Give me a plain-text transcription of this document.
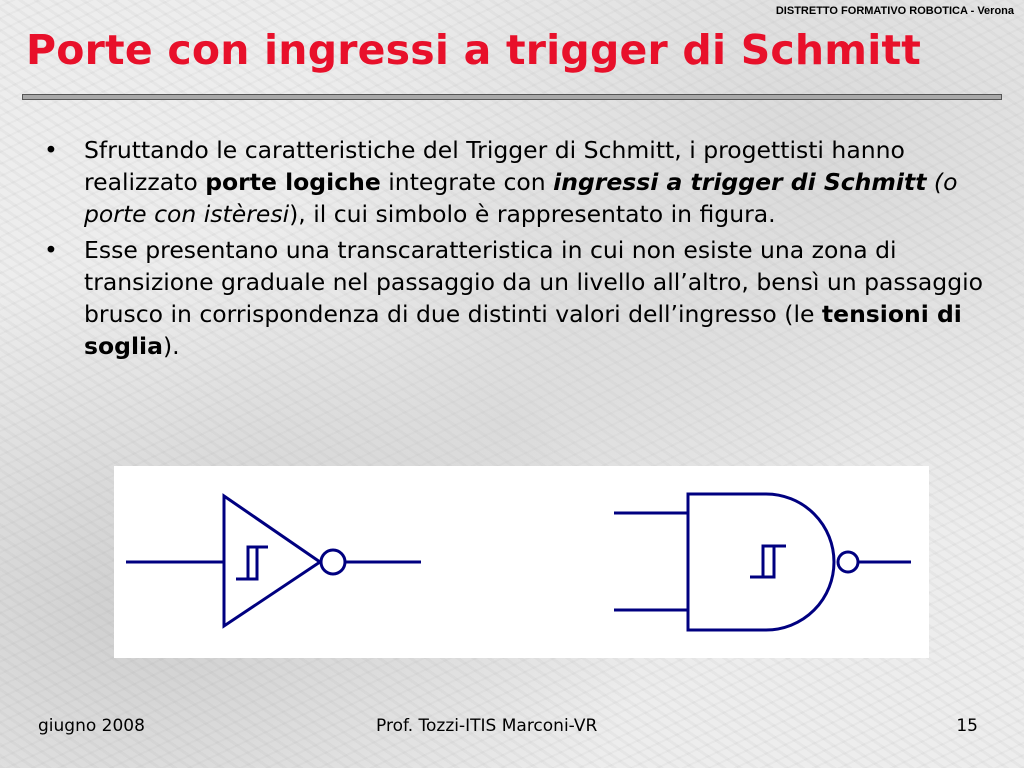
DISTRETTO FORMATIVO ROBOTICA - Verona
Porte con ingressi a trigger di Schmitt
• Sfruttando le caratteristiche del Trigger di Schmitt, i progettisti hanno realizzato porte logiche integrate con ingressi a trigger di Schmitt (o porte con istèresi), il cui simbolo è rappresentato in figura.
• Esse presentano una transcaratteristica in cui non esiste una zona di transizione graduale nel passaggio da un livello all’altro, bensì un passaggio brusco in corrispondenza di due distinti valori dell’ingresso (le tensioni di soglia).
giugno 2008	Prof. Tozzi-ITIS Marconi-VR	15
